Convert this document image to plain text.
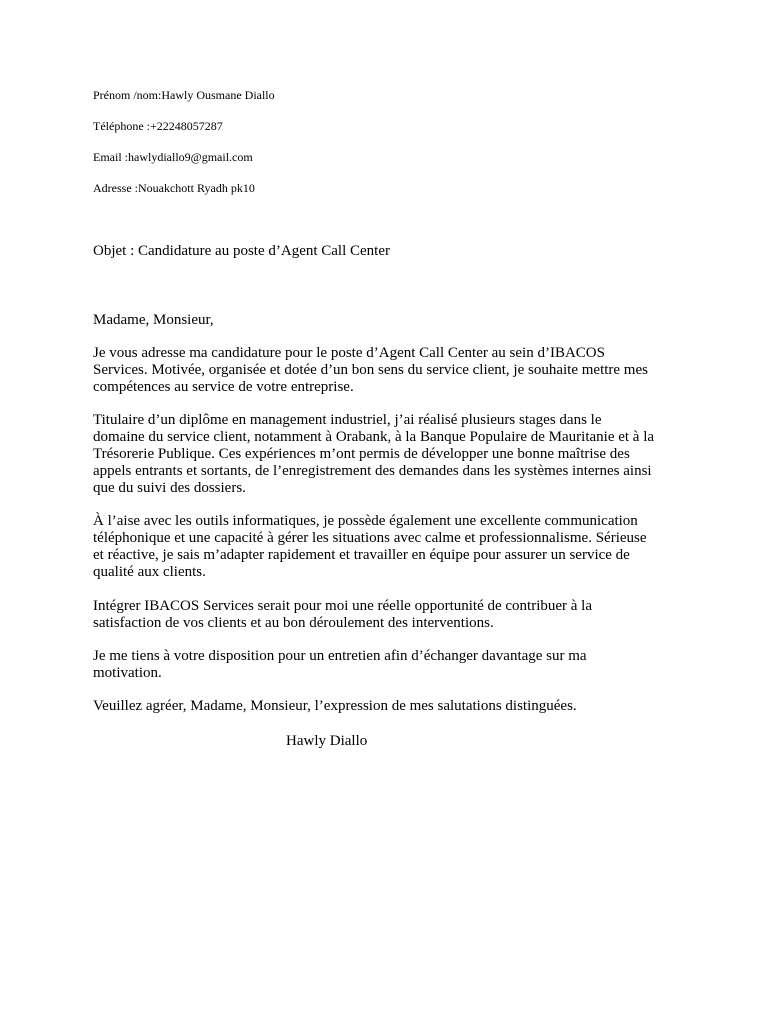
Prénom /nom:Hawly Ousmane Diallo
Téléphone :+22248057287
Email :hawlydiallo9@gmail.com
Adresse :Nouakchott Ryadh pk10
Objet : Candidature au poste d’Agent Call Center
Madame, Monsieur,
Je vous adresse ma candidature pour le poste d’Agent Call Center au sein d’IBACOS
Services. Motivée, organisée et dotée d’un bon sens du service client, je souhaite mettre mes
compétences au service de votre entreprise.
Titulaire d’un diplôme en management industriel, j’ai réalisé plusieurs stages dans le
domaine du service client, notamment à Orabank, à la Banque Populaire de Mauritanie et à la
Trésorerie Publique. Ces expériences m’ont permis de développer une bonne maîtrise des
appels entrants et sortants, de l’enregistrement des demandes dans les systèmes internes ainsi
que du suivi des dossiers.
À l’aise avec les outils informatiques, je possède également une excellente communication
téléphonique et une capacité à gérer les situations avec calme et professionnalisme. Sérieuse
et réactive, je sais m’adapter rapidement et travailler en équipe pour assurer un service de
qualité aux clients.
Intégrer IBACOS Services serait pour moi une réelle opportunité de contribuer à la
satisfaction de vos clients et au bon déroulement des interventions.
Je me tiens à votre disposition pour un entretien afin d’échanger davantage sur ma
motivation.
Veuillez agréer, Madame, Monsieur, l’expression de mes salutations distinguées.
Hawly Diallo
